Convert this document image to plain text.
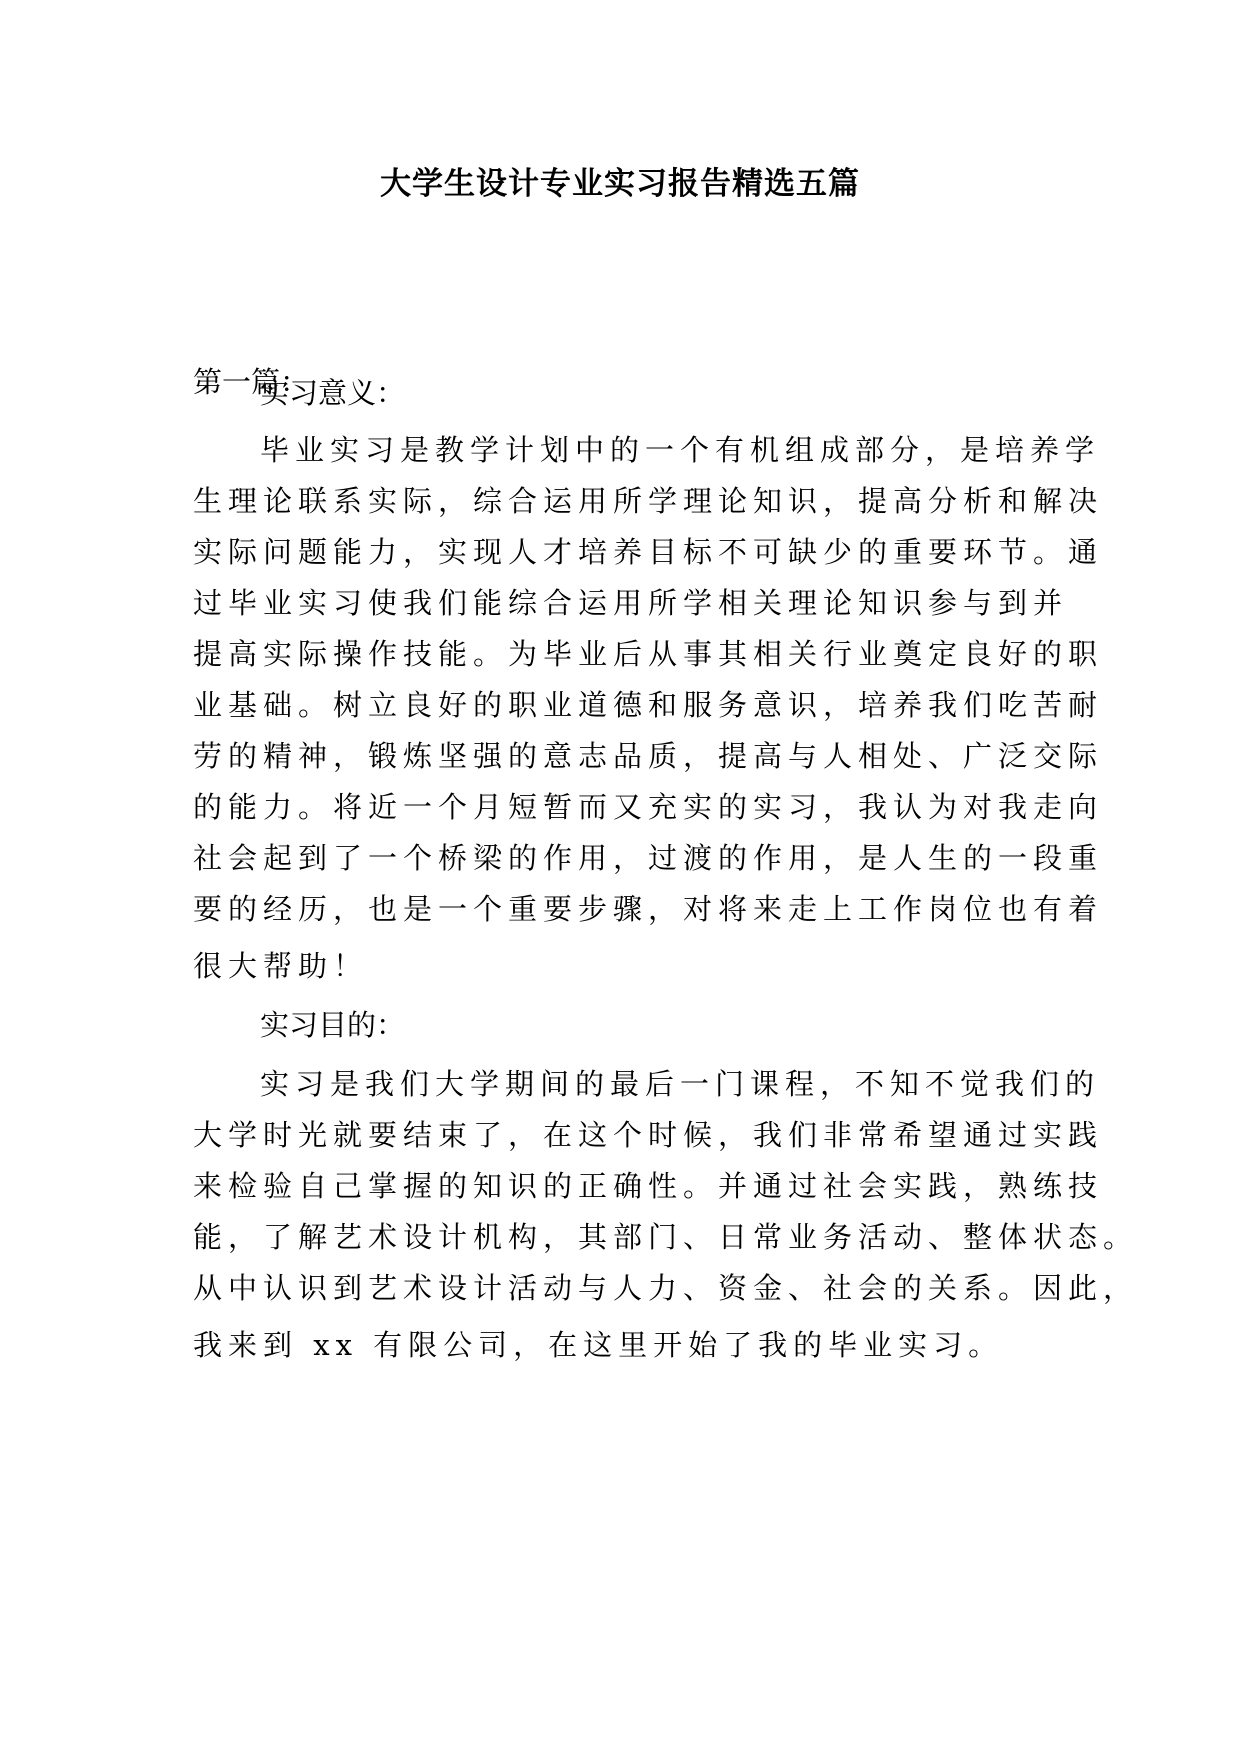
大学生设计专业实习报告精选五篇
第一篇：
实习意义：
毕业实习是教学计划中的一个有机组成部分，是培养学
生理论联系实际，综合运用所学理论知识，提高分析和解决
实际问题能力，实现人才培养目标不可缺少的重要环节。通
过毕业实习使我们能综合运用所学相关理论知识参与到并
提高实际操作技能。为毕业后从事其相关行业奠定良好的职
业基础。树立良好的职业道德和服务意识，培养我们吃苦耐
劳的精神，锻炼坚强的意志品质，提高与人相处、广泛交际
的能力。将近一个月短暂而又充实的实习，我认为对我走向
社会起到了一个桥梁的作用，过渡的作用，是人生的一段重
要的经历，也是一个重要步骤，对将来走上工作岗位也有着
很大帮助！
实习目的：
实习是我们大学期间的最后一门课程，不知不觉我们的
大学时光就要结束了，在这个时候，我们非常希望通过实践
来检验自己掌握的知识的正确性。并通过社会实践，熟练技
能，了解艺术设计机构，其部门、日常业务活动、整体状态。
从中认识到艺术设计活动与人力、资金、社会的关系。因此，
我来到 xx 有限公司，在这里开始了我的毕业实习。
